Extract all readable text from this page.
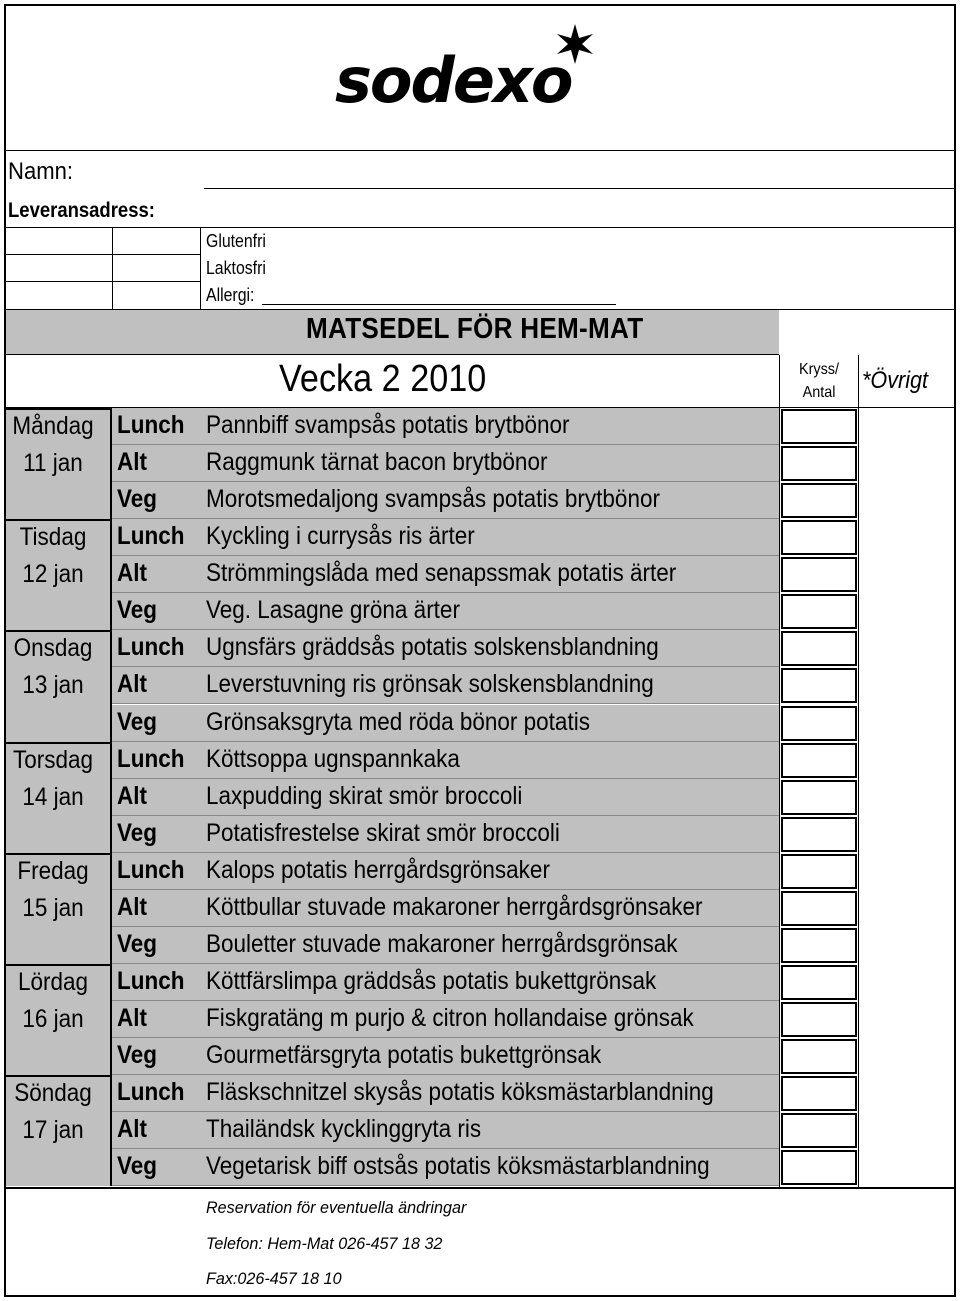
sodexo
Namn:
Leveransadress:
Glutenfri
Laktosfri
Allergi:
MATSEDEL FÖR HEM-MAT
Vecka 2 2010	Kryss/
Antal	*Övrigt
Måndag
11 jan
Lunch Pannbiff svampsås potatis brytbönor
Alt Raggmunk tärnat bacon brytbönor
Veg Morotsmedaljong svampsås potatis brytbönor
Tisdag
12 jan
Lunch Kyckling i currysås ris ärter
Alt Strömmingslåda med senapssmak potatis ärter
Veg Veg. Lasagne gröna ärter
Onsdag
13 jan
Lunch Ugnsfärs gräddsås potatis solskensblandning
Alt Leverstuvning ris grönsak solskensblandning
Veg Grönsaksgryta med röda bönor potatis
Torsdag
14 jan
Lunch Köttsoppa ugnspannkaka
Alt Laxpudding skirat smör broccoli
Veg Potatisfrestelse skirat smör broccoli
Fredag
15 jan
Lunch Kalops potatis herrgårdsgrönsaker
Alt Köttbullar stuvade makaroner herrgårdsgrönsaker
Veg Bouletter stuvade makaroner herrgårdsgrönsak
Lördag
16 jan
Lunch Köttfärslimpa gräddsås potatis bukettgrönsak
Alt Fiskgratäng m purjo & citron hollandaise grönsak
Veg Gourmetfärsgryta potatis bukettgrönsak
Söndag
17 jan
Lunch Fläskschnitzel skysås potatis köksmästarblandning
Alt Thailändsk kycklinggryta ris
Veg Vegetarisk biff ostsås potatis köksmästarblandning
Reservation för eventuella ändringar
Telefon: Hem-Mat 026-457 18 32
Fax:026-457 18 10
